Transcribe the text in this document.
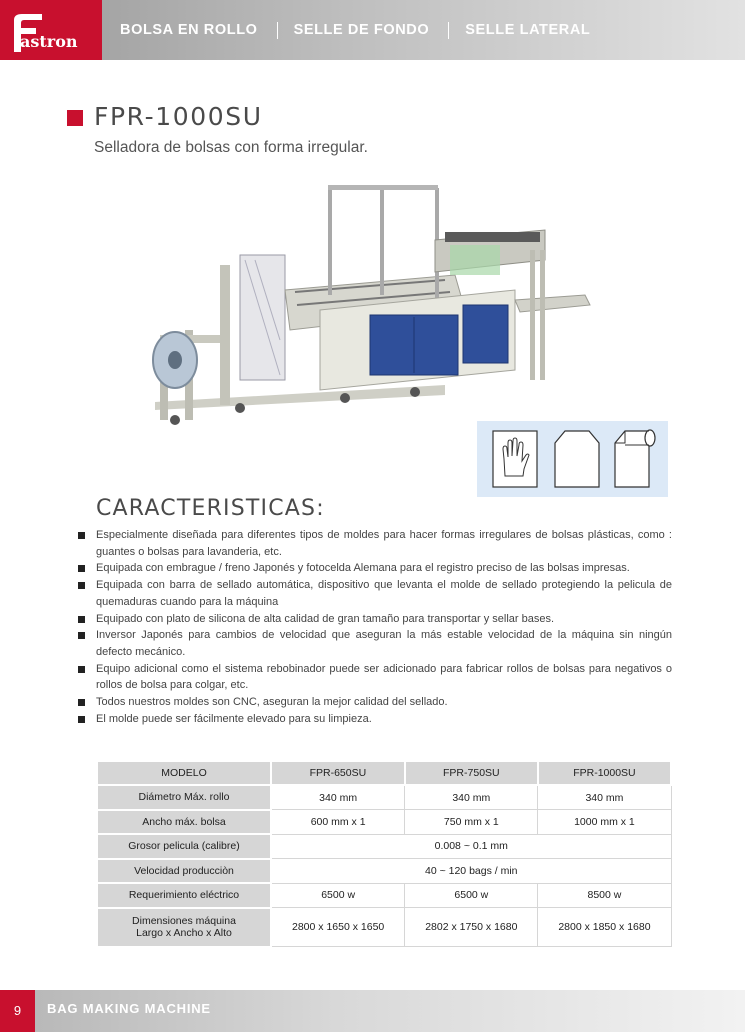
astron
BOLSA EN ROLLO SELLE DE FONDO SELLE LATERAL
FPR-1000SU
Selladora de bolsas con forma irregular.
CARACTERISTICAS:
Especialmente diseñada para diferentes tipos de moldes para hacer formas irregulares de bolsas plásticas, como : guantes o bolsas para lavanderia, etc.
Equipada con embrague / freno Japonés y fotocelda Alemana para el registro preciso de las bolsas impresas.
Equipada con barra de sellado automática, dispositivo que levanta el molde de sellado protegiendo la pelicula de quemaduras cuando para la máquina
Equipado con plato de silicona de alta calidad de gran tamaño para transportar y sellar bases.
Inversor Japonés para cambios de velocidad que aseguran la más estable velocidad de la máquina sin ningún defecto mecánico.
Equipo adicional como el sistema rebobinador puede ser adicionado para fabricar rollos de bolsas para negativos o rollos de bolsa para colgar, etc.
Todos nuestros moldes son CNC, aseguran la mejor calidad del sellado.
El molde puede ser fácilmente elevado para su limpieza.
MODELO	FPR-650SU	FPR-750SU	FPR-1000SU
Diámetro Máx. rollo	340 mm	340 mm	340 mm
Ancho máx. bolsa	600 mm x 1	750 mm x 1	1000 mm x 1
Grosor pelicula (calibre)	0.008 ~ 0.1 mm		
Velocidad producciòn	40 ~ 120 bags / min		
Requerimiento eléctrico	6500 w	6500 w	8500 w

Dimensiones máquina
Largo x Ancho x Alto	2800 x 1650 x 1650	2802 x 1750 x 1680	2800 x 1850 x 1680
9	BAG MAKING MACHINE
